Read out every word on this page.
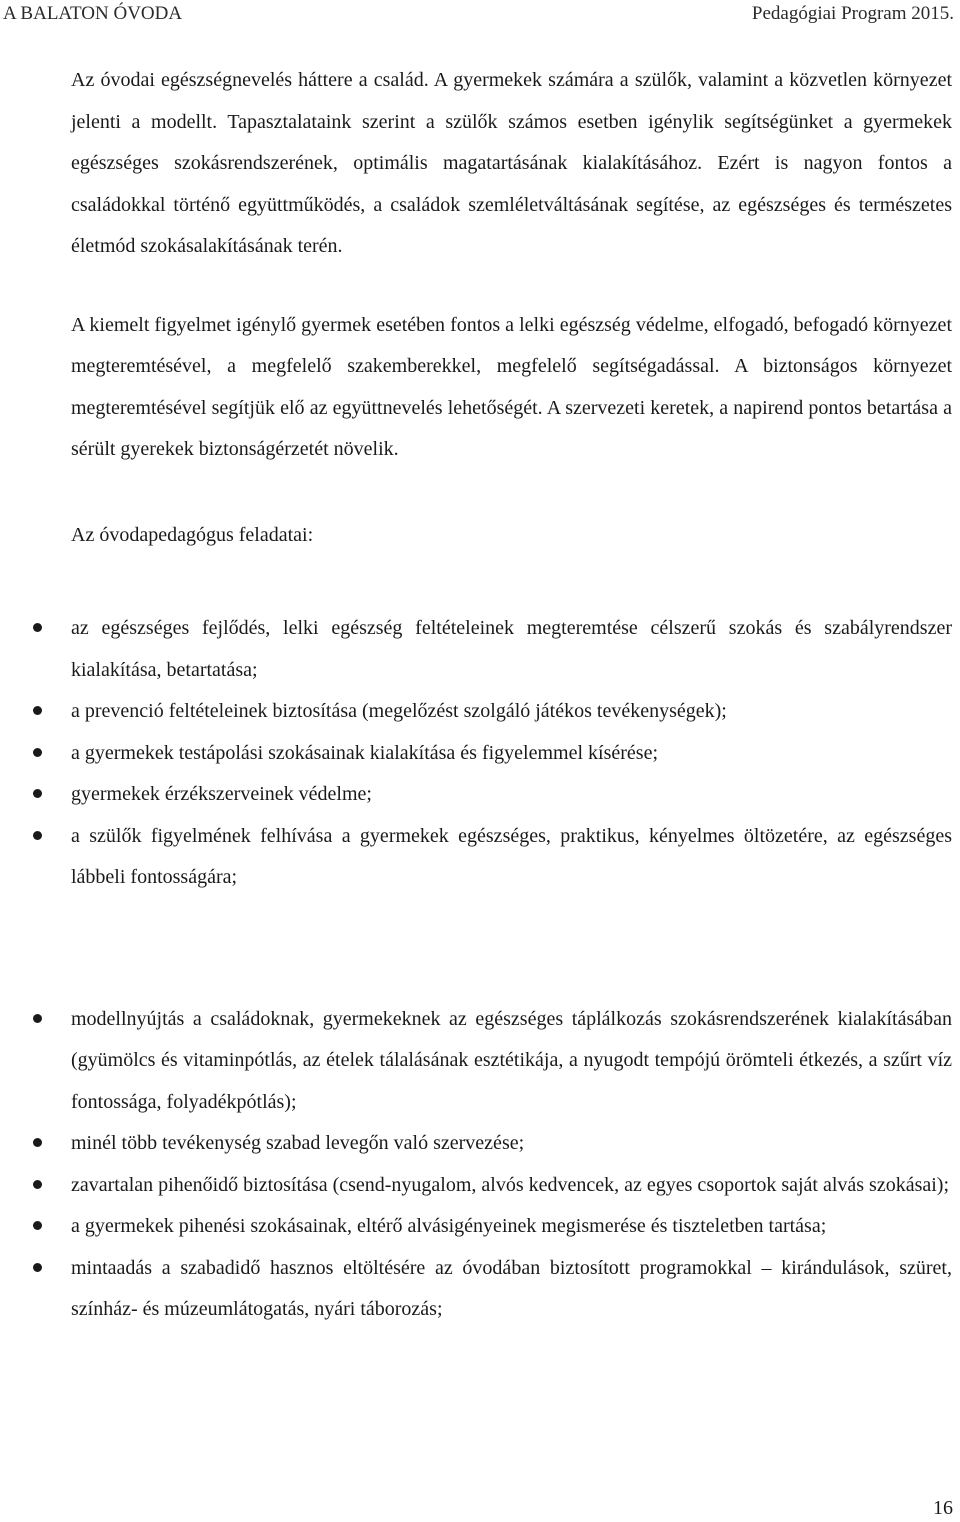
A BALATON ÓVODA	Pedagógiai Program 2015.

Az óvodai egészségnevelés háttere a család. A gyermekek számára a szülők, valamint a közvetlen környezet jelenti a modellt. Tapasztalataink szerint a szülők számos esetben igénylik segítségünket a gyermekek egészséges szokásrendszerének, optimális magatartásának kialakításához. Ezért is nagyon fontos a családokkal történő együttműködés, a családok szemléletváltásának segítése, az egészséges és természetes életmód szokásalakításának terén.

A kiemelt figyelmet igénylő gyermek esetében fontos a lelki egészség védelme, elfogadó, befogadó környezet megteremtésével, a megfelelő szakemberekkel, megfelelő segítségadással. A biztonságos környezet megteremtésével segítjük elő az együttnevelés lehetőségét. A szervezeti keretek, a napirend pontos betartása a sérült gyerekek biztonságérzetét növelik.

Az óvodapedagógus feladatai:
az egészséges fejlődés, lelki egészség feltételeinek megteremtése célszerű szokás és szabályrendszer kialakítása, betartatása;
a prevenció feltételeinek biztosítása (megelőzést szolgáló játékos tevékenységek);
a gyermekek testápolási szokásainak kialakítása és figyelemmel kísérése;
gyermekek érzékszerveinek védelme;
a szülők figyelmének felhívása a gyermekek egészséges, praktikus, kényelmes öltözetére, az egészséges lábbeli fontosságára;
modellnyújtás a családoknak, gyermekeknek az egészséges táplálkozás szokásrendszerének kialakításában (gyümölcs és vitaminpótlás, az ételek tálalásának esztétikája, a nyugodt tempójú örömteli étkezés, a szűrt víz fontossága, folyadékpótlás);
minél több tevékenység szabad levegőn való szervezése;
zavartalan pihenőidő biztosítása (csend-nyugalom, alvós kedvencek, az egyes csoportok saját alvás szokásai);
a gyermekek pihenési szokásainak, eltérő alvásigényeinek megismerése és tiszteletben tartása;
mintaadás a szabadidő hasznos eltöltésére az óvodában biztosított programokkal – kirándulások, szüret, színház- és múzeumlátogatás, nyári táborozás;
16
